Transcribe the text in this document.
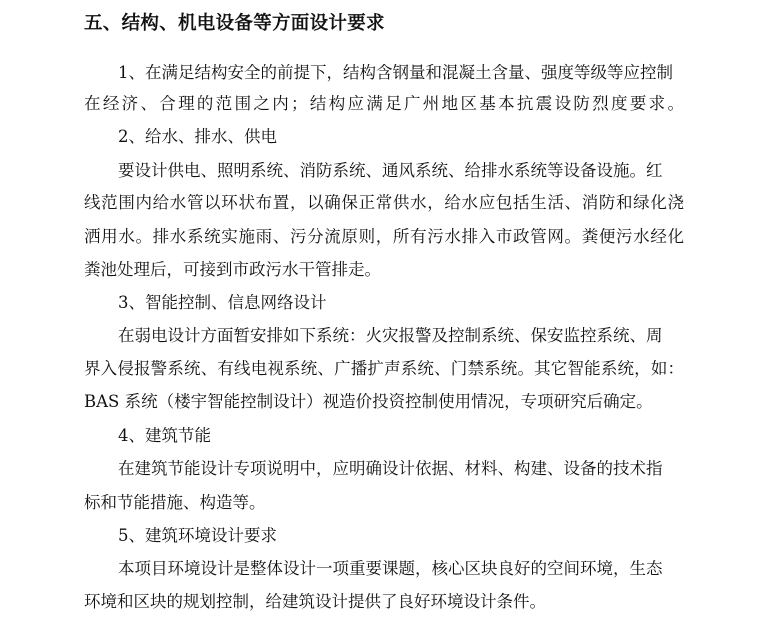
五、结构、机电设备等方面设计要求
1、在满足结构安全的前提下，结构含钢量和混凝土含量、强度等级等应控制
在经济、合理的范围之内；结构应满足广州地区基本抗震设防烈度要求。
2、给水、排水、供电
要设计供电、照明系统、消防系统、通风系统、给排水系统等设备设施。红
线范围内给水管以环状布置，以确保正常供水，给水应包括生活、消防和绿化浇
洒用水。排水系统实施雨、污分流原则，所有污水排入市政管网。粪便污水经化
粪池处理后，可接到市政污水干管排走。
3、智能控制、信息网络设计
在弱电设计方面暂安排如下系统：火灾报警及控制系统、保安监控系统、周
界入侵报警系统、有线电视系统、广播扩声系统、门禁系统。其它智能系统，如：
BAS 系统（楼宇智能控制设计）视造价投资控制使用情况，专项研究后确定。
4、建筑节能
在建筑节能设计专项说明中，应明确设计依据、材料、构建、设备的技术指
标和节能措施、构造等。
5、建筑环境设计要求
本项目环境设计是整体设计一项重要课题，核心区块良好的空间环境，生态
环境和区块的规划控制，给建筑设计提供了良好环境设计条件。
